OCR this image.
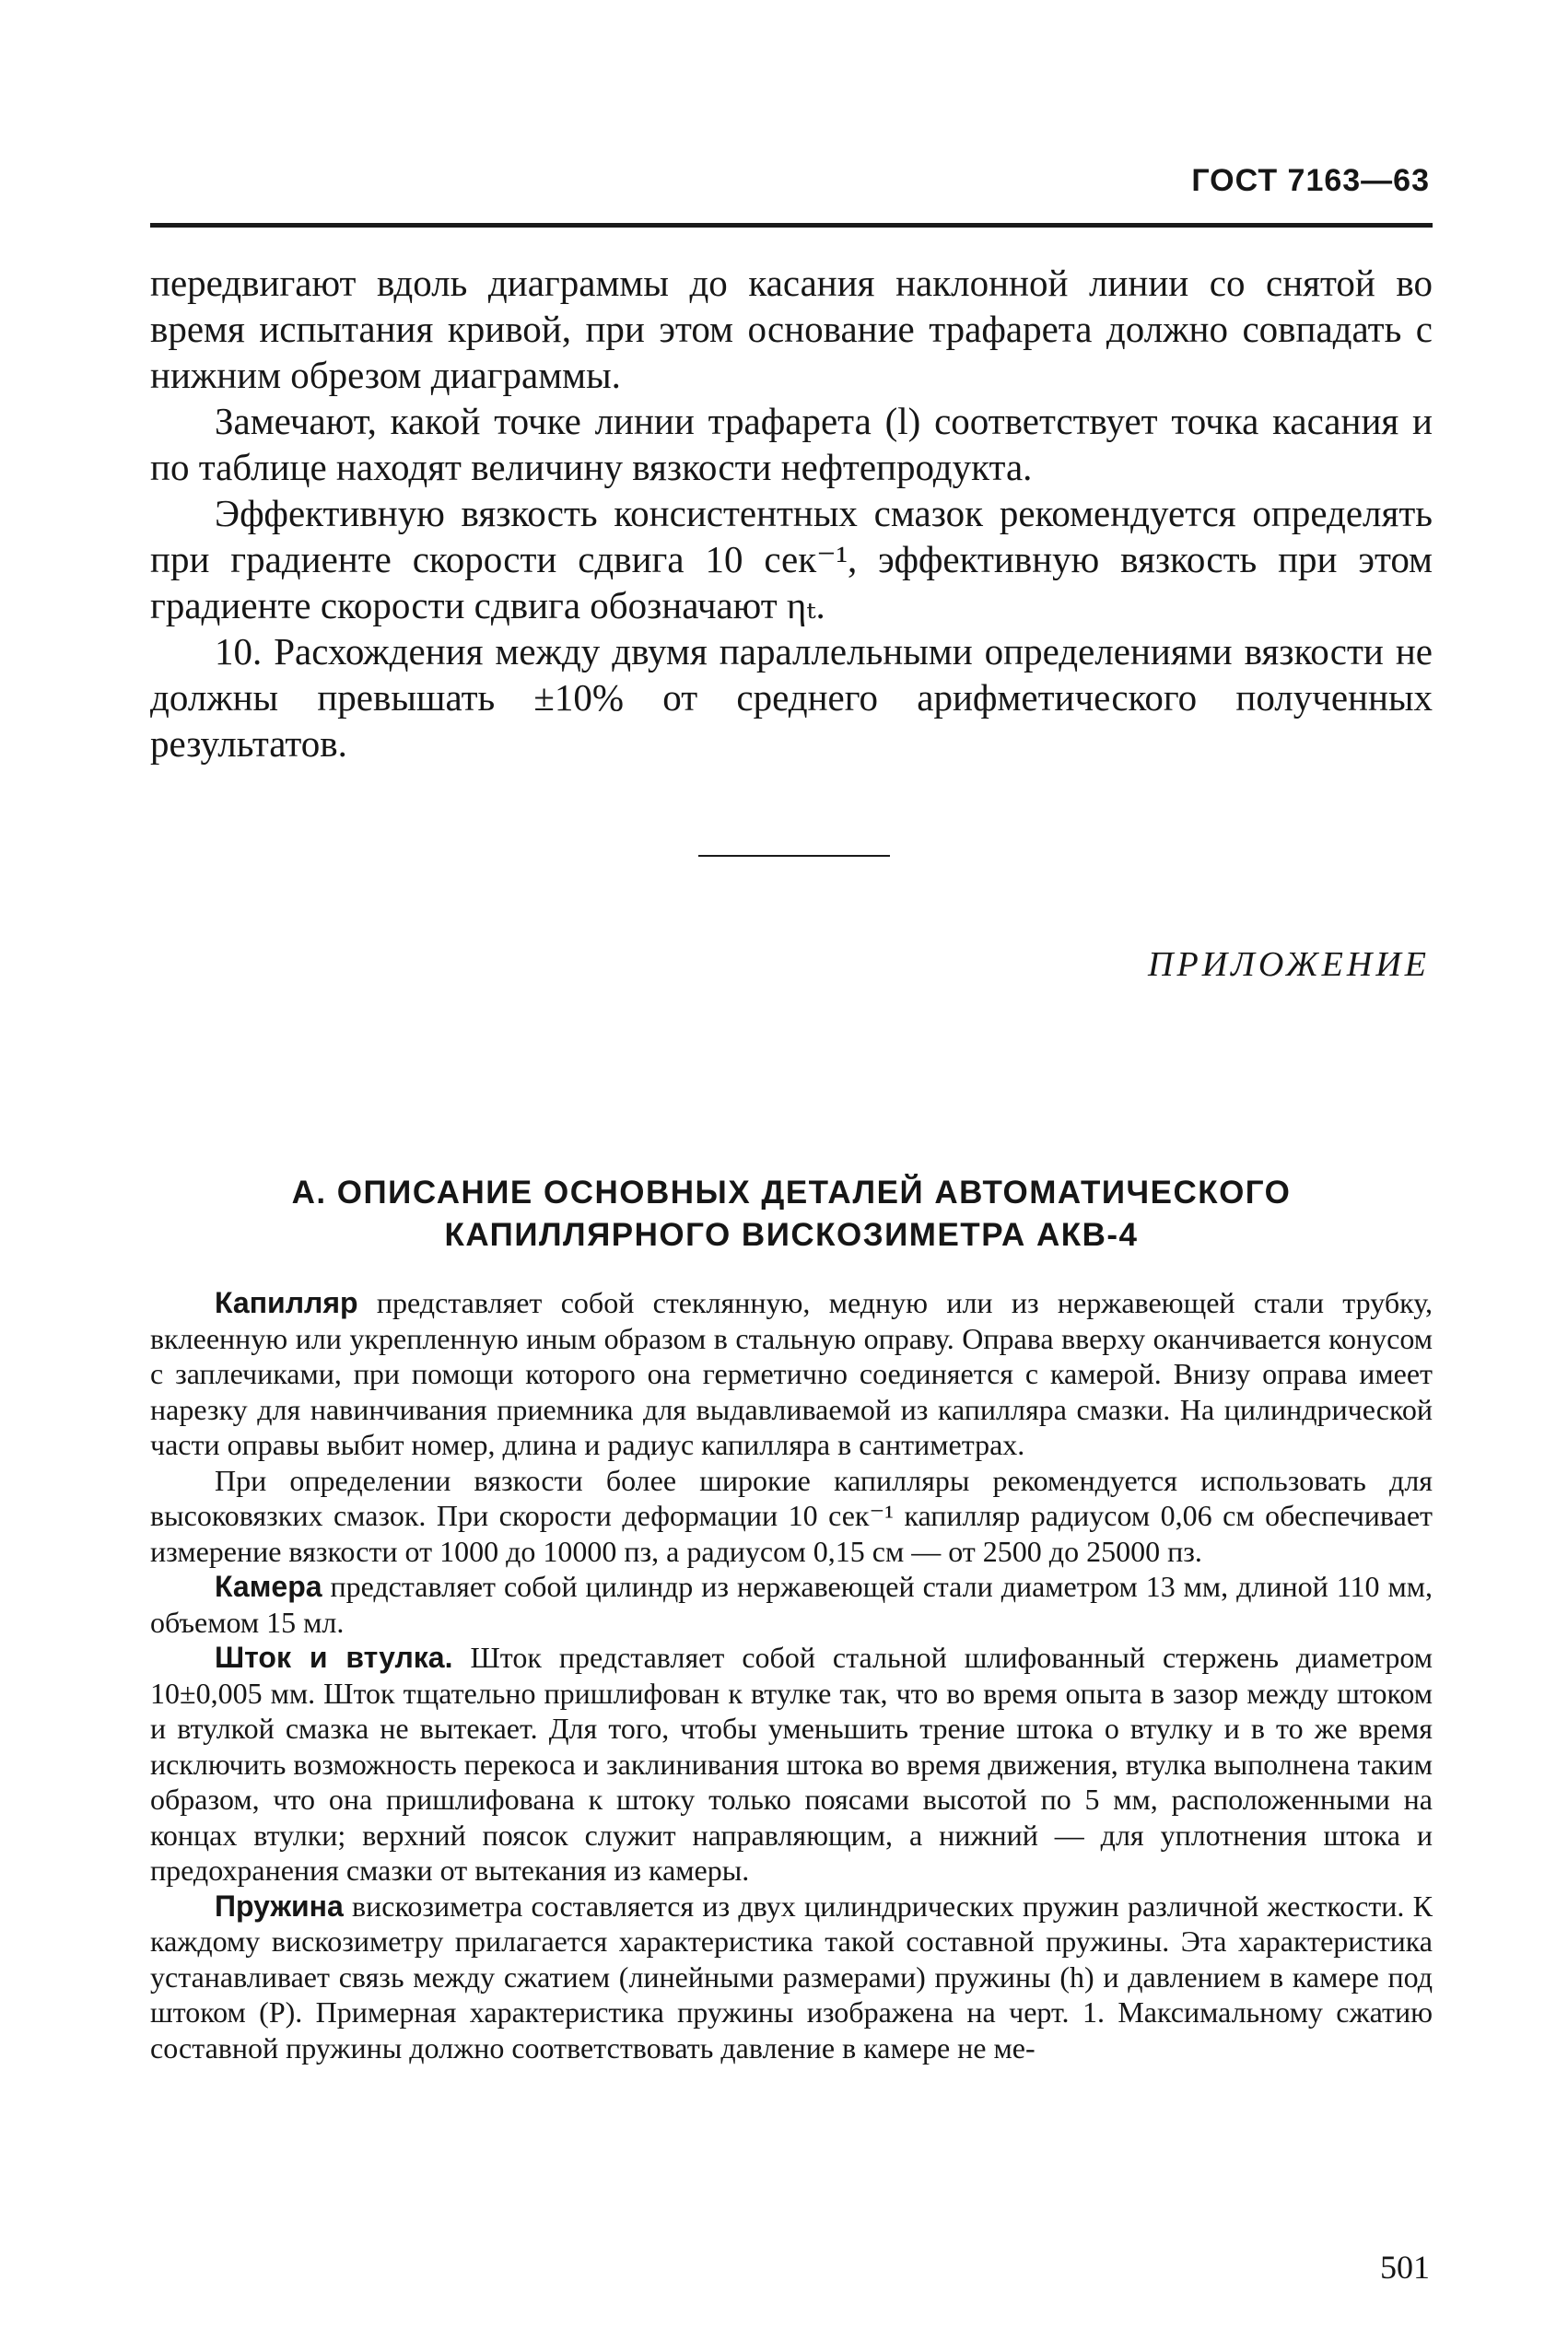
ГОСТ 7163—63

передвигают вдоль диаграммы до касания наклонной линии со снятой во время испытания кривой, при этом основание трафарета должно совпадать с нижним обрезом диаграммы.

Замечают, какой точке линии трафарета (l) соответствует точка касания и по таблице находят величину вязкости нефтепродукта.

Эффективную вязкость консистентных смазок рекомендуется определять при градиенте скорости сдвига 10 сек⁻¹, эффективную вязкость при этом градиенте скорости сдвига обозначают ηₜ.

10. Расхождения между двумя параллельными определениями вязкости не должны превышать ±10% от среднего арифметического полученных результатов.

ПРИЛОЖЕНИЕ
А. ОПИСАНИЕ ОСНОВНЫХ ДЕТАЛЕЙ АВТОМАТИЧЕСКОГО
КАПИЛЛЯРНОГО ВИСКОЗИМЕТРА АКВ-4

Капилляр представляет собой стеклянную, медную или из нержавеющей стали трубку, вклеенную или укрепленную иным образом в стальную оправу. Оправа вверху оканчивается конусом с заплечиками, при помощи которого она герметично соединяется с камерой. Внизу оправа имеет нарезку для навинчивания приемника для выдавливаемой из капилляра смазки. На цилиндрической части оправы выбит номер, длина и радиус капилляра в сантиметрах.

При определении вязкости более широкие капилляры рекомендуется использовать для высоковязких смазок. При скорости деформации 10 сек⁻¹ капилляр радиусом 0,06 см обеспечивает измерение вязкости от 1000 до 10000 пз, а радиусом 0,15 см — от 2500 до 25000 пз.

Камера представляет собой цилиндр из нержавеющей стали диаметром 13 мм, длиной 110 мм, объемом 15 мл.

Шток и втулка. Шток представляет собой стальной шлифованный стержень диаметром 10±0,005 мм. Шток тщательно пришлифован к втулке так, что во время опыта в зазор между штоком и втулкой смазка не вытекает. Для того, чтобы уменьшить трение штока о втулку и в то же время исключить возможность перекоса и заклинивания штока во время движения, втулка выполнена таким образом, что она пришлифована к штоку только поясами высотой по 5 мм, расположенными на концах втулки; верхний поясок служит направляющим, а нижний — для уплотнения штока и предохранения смазки от вытекания из камеры.

Пружина вискозиметра составляется из двух цилиндрических пружин различной жесткости. К каждому вискозиметру прилагается характеристика такой составной пружины. Эта характеристика устанавливает связь между сжатием (линейными размерами) пружины (h) и давлением в камере под штоком (P). Примерная характеристика пружины изображена на черт. 1. Максимальному сжатию составной пружины должно соответствовать давление в камере не ме-

501
